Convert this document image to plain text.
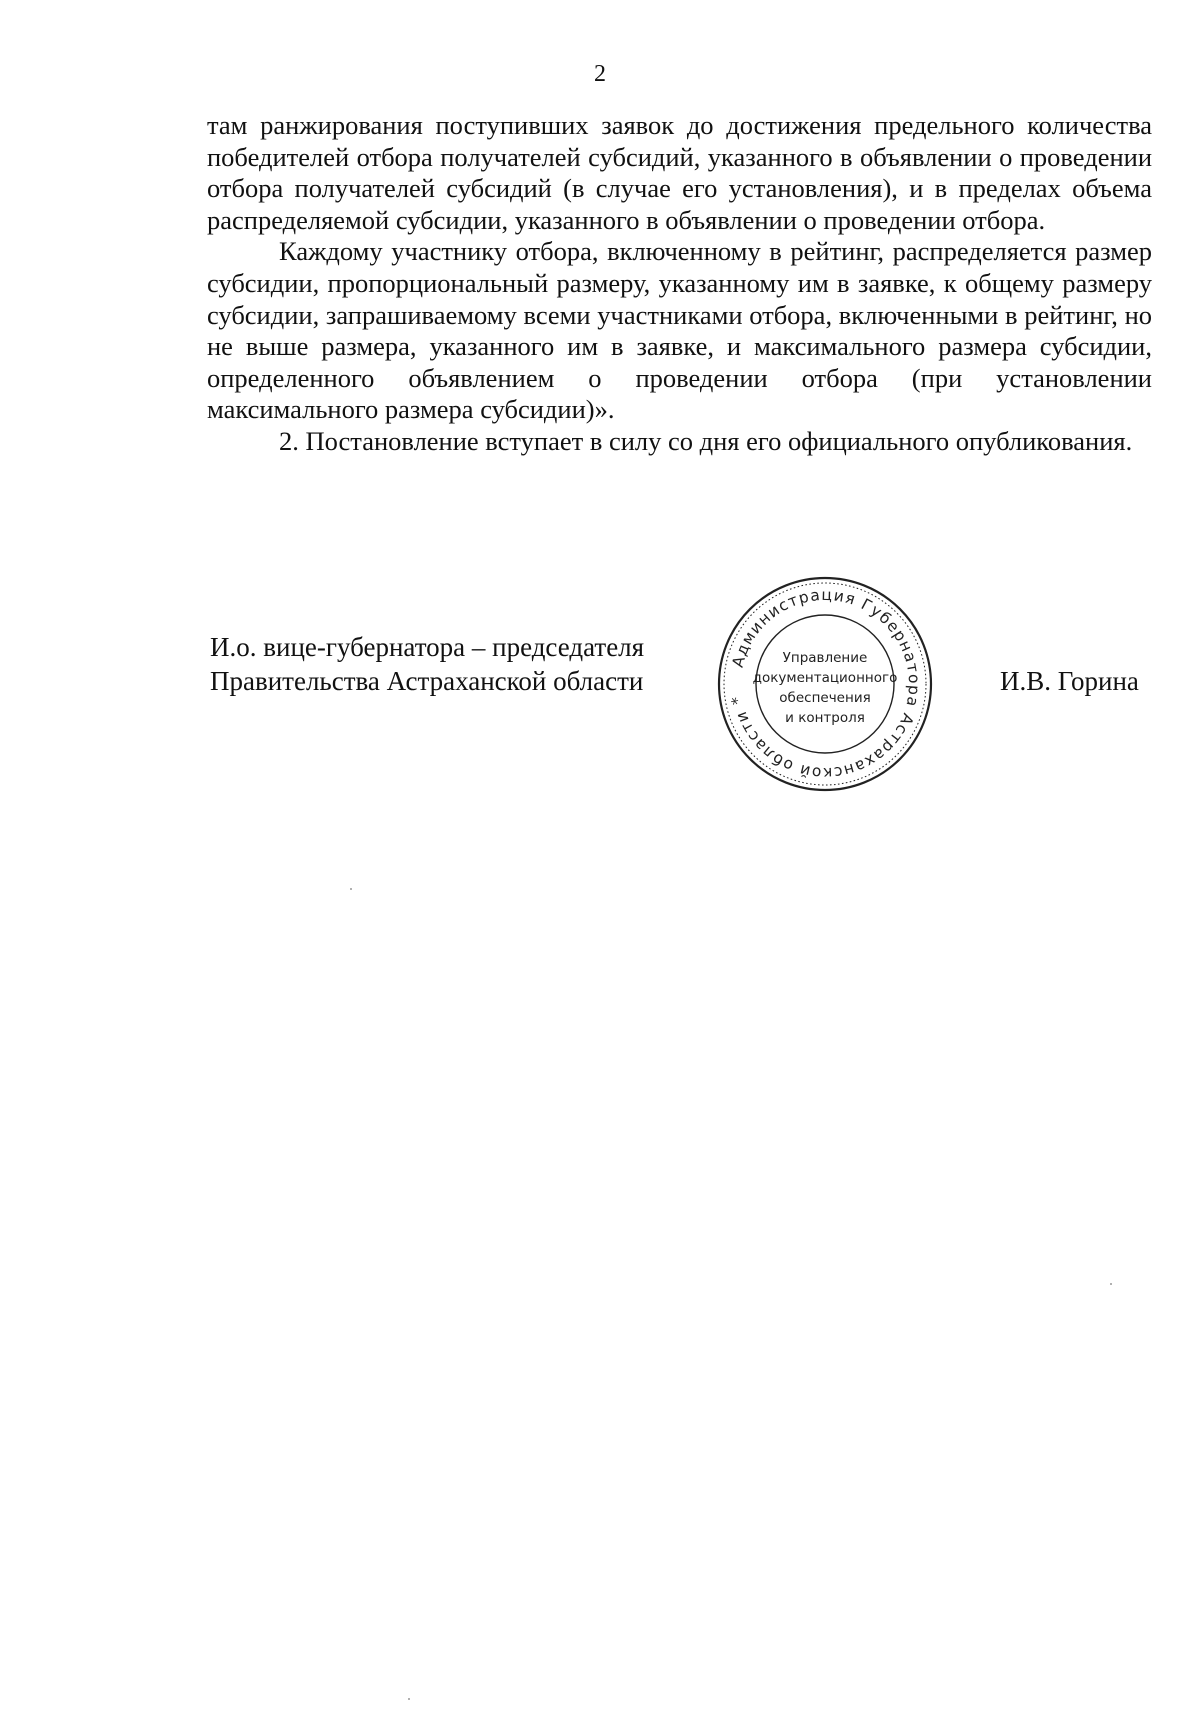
2

там ранжирования поступивших заявок до достижения предельного количества победителей отбора получателей субсидий, указанного в объявлении о проведении отбора получателей субсидий (в случае его установления), и в пределах объема распределяемой субсидии, указанного в объявлении о проведении отбора.

Каждому участнику отбора, включенному в рейтинг, распределяется размер субсидии, пропорциональный размеру, указанному им в заявке, к общему размеру субсидии, запрашиваемому всеми участниками отбора, включенными в рейтинг, но не выше размера, указанного им в заявке, и максимального размера субсидии, определенного объявлением о проведении отбора (при установлении максимального размера субсидии)».

2. Постановление вступает в силу со дня его официального опубликования.

И.о. вице-губернатора – председателя
Правительства Астраханской области
Администрация Губернатора Астраханской области *
Управление
документационного
обеспечения
и контроля
И.В. Горина
